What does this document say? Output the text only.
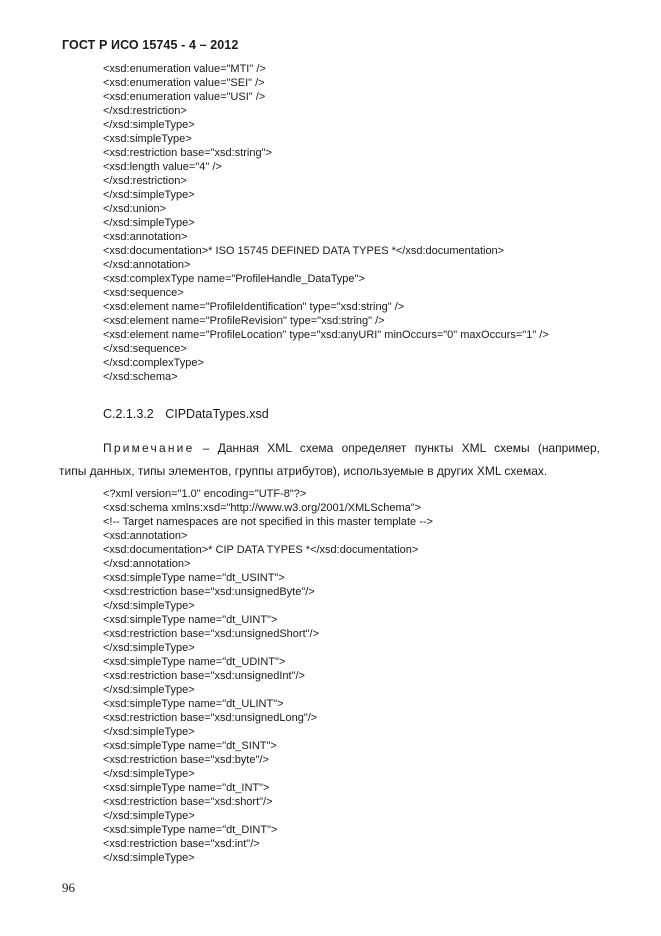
ГОСТ Р ИСО 15745 - 4 – 2012
<xsd:enumeration value="MTI" />
<xsd:enumeration value="SEI" />
<xsd:enumeration value="USI" />
</xsd:restriction>
</xsd:simpleType>
<xsd:simpleType>
<xsd:restriction base="xsd:string">
<xsd:length value="4" />
</xsd:restriction>
</xsd:simpleType>
</xsd:union>
</xsd:simpleType>
<xsd:annotation>
<xsd:documentation>* ISO 15745 DEFINED DATA TYPES *</xsd:documentation>
</xsd:annotation>
<xsd:complexType name="ProfileHandle_DataType">
<xsd:sequence>
<xsd:element name="ProfileIdentification" type="xsd:string" />
<xsd:element name="ProfileRevision" type="xsd:string" />
<xsd:element name="ProfileLocation" type="xsd:anyURI" minOccurs="0" maxOccurs="1" />
</xsd:sequence>
</xsd:complexType>
</xsd:schema>
C.2.1.3.2 CIPDataTypes.xsd
Примечание – Данная XML схема определяет пункты XML схемы (например,
типы данных, типы элементов, группы атрибутов), используемые в других XML схемах.
<?xml version="1.0" encoding="UTF-8"?>
<xsd:schema xmlns:xsd="http://www.w3.org/2001/XMLSchema">
<!-- Target namespaces are not specified in this master template -->
<xsd:annotation>
<xsd:documentation>* CIP DATA TYPES *</xsd:documentation>
</xsd:annotation>
<xsd:simpleType name="dt_USINT">
<xsd:restriction base="xsd:unsignedByte"/>
</xsd:simpleType>
<xsd:simpleType name="dt_UINT">
<xsd:restriction base="xsd:unsignedShort"/>
</xsd:simpleType>
<xsd:simpleType name="dt_UDINT">
<xsd:restriction base="xsd:unsignedInt"/>
</xsd:simpleType>
<xsd:simpleType name="dt_ULINT">
<xsd:restriction base="xsd:unsignedLong"/>
</xsd:simpleType>
<xsd:simpleType name="dt_SINT">
<xsd:restriction base="xsd:byte"/>
</xsd:simpleType>
<xsd:simpleType name="dt_INT">
<xsd:restriction base="xsd:short"/>
</xsd:simpleType>
<xsd:simpleType name="dt_DINT">
<xsd:restriction base="xsd:int"/>
</xsd:simpleType>
96
